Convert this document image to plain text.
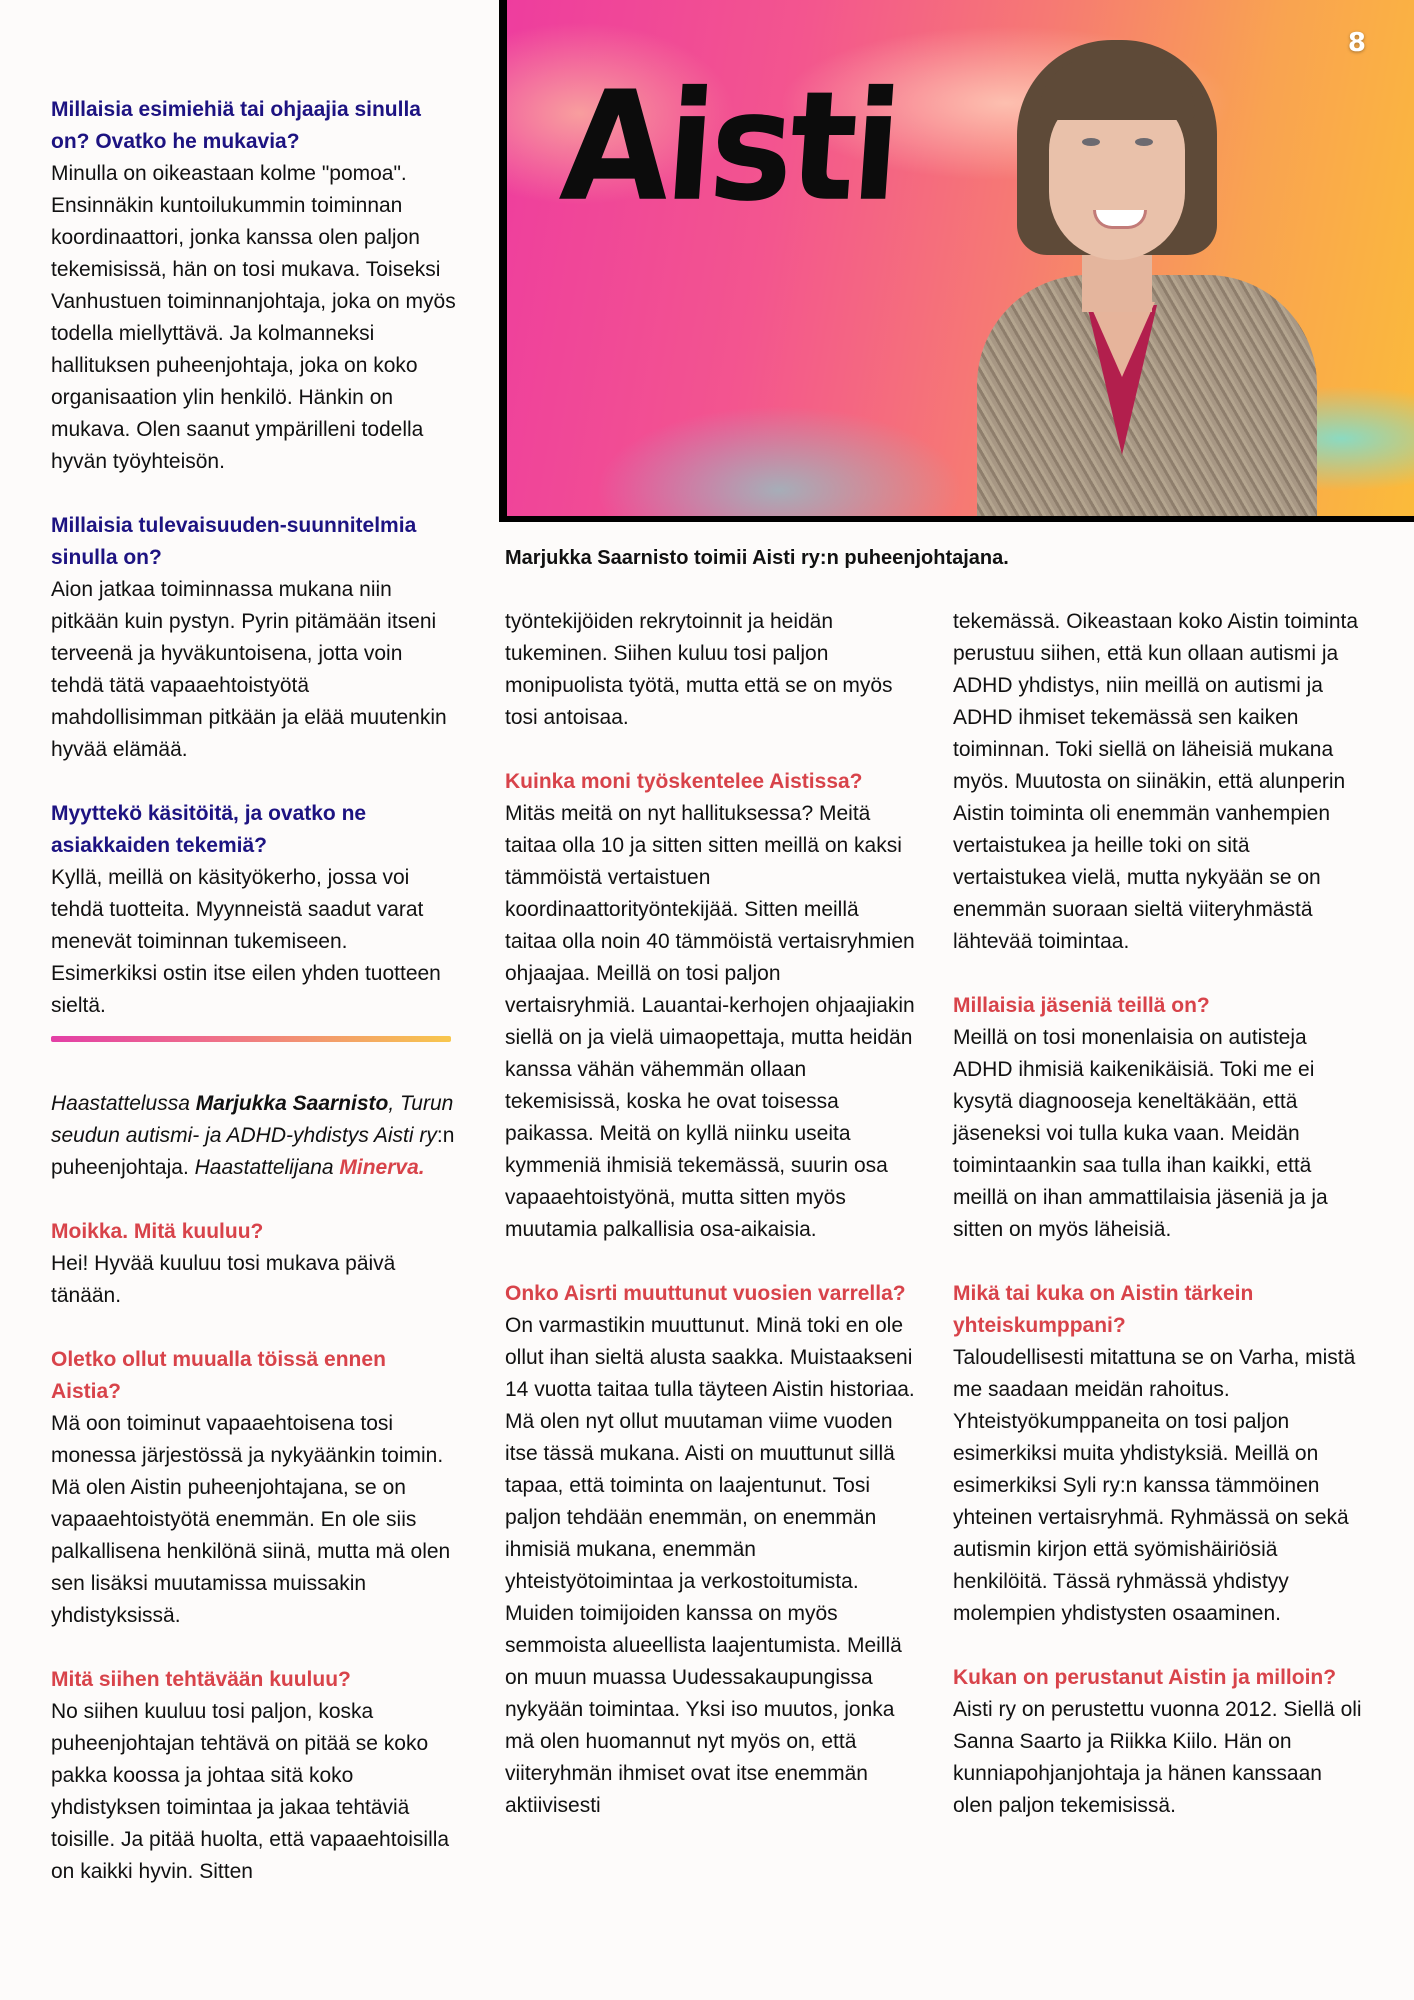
Aisti
8
Marjukka Saarnisto toimii Aisti ry:n puheenjohtajana.

Millaisia esimiehiä tai ohjaajia sinulla on? Ovatko he mukavia?

Minulla on oikeastaan kolme "pomoa". Ensinnäkin kuntoilukummin toiminnan koordinaattori, jonka kanssa olen paljon tekemisissä, hän on tosi mukava. Toiseksi Vanhustuen toiminnanjohtaja, joka on myös todella miellyttävä. Ja kolmanneksi hallituksen puheenjohtaja, joka on koko organisaation ylin henkilö. Hänkin on mukava. Olen saanut ympärilleni todella hyvän työyhteisön.

Millaisia tulevaisuuden-suunnitelmia sinulla on?

Aion jatkaa toiminnassa mukana niin pitkään kuin pystyn. Pyrin pitämään itseni terveenä ja hyväkuntoisena, jotta voin tehdä tätä vapaaehtoistyötä mahdollisimman pitkään ja elää muutenkin hyvää elämää.

Myyttekö käsitöitä, ja ovatko ne asiakkaiden tekemiä?

Kyllä, meillä on käsityökerho, jossa voi tehdä tuotteita. Myynneistä saadut varat menevät toiminnan tukemiseen. Esimerkiksi ostin itse eilen yhden tuotteen sieltä.

Haastattelussa Marjukka Saarnisto, Turun seudun autismi- ja ADHD-yhdistys Aisti ry:n puheenjohtaja. Haastattelijana Minerva.

Moikka. Mitä kuuluu?

Hei! Hyvää kuuluu tosi mukava päivä tänään.

Oletko ollut muualla töissä ennen Aistia?

Mä oon toiminut vapaaehtoisena tosi monessa järjestössä ja nykyäänkin toimin. Mä olen Aistin puheenjohtajana, se on vapaaehtoistyötä enemmän. En ole siis palkallisena henkilönä siinä, mutta mä olen sen lisäksi muutamissa muissakin yhdistyksissä.

Mitä siihen tehtävään kuuluu?

No siihen kuuluu tosi paljon, koska puheenjohtajan tehtävä on pitää se koko pakka koossa ja johtaa sitä koko yhdistyksen toimintaa ja jakaa tehtäviä toisille. Ja pitää huolta, että vapaaehtoisilla on kaikki hyvin. Sitten

työntekijöiden rekrytoinnit ja heidän tukeminen. Siihen kuluu tosi paljon monipuolista työtä, mutta että se on myös tosi antoisaa.

Kuinka moni työskentelee Aistissa?

Mitäs meitä on nyt hallituksessa? Meitä taitaa olla 10 ja sitten sitten meillä on kaksi tämmöistä vertaistuen koordinaattorityöntekijää. Sitten meillä taitaa olla noin 40 tämmöistä vertaisryhmien ohjaajaa. Meillä on tosi paljon vertaisryhmiä. Lauantai-kerhojen ohjaajiakin siellä on ja vielä uimaopettaja, mutta heidän kanssa vähän vähemmän ollaan tekemisissä, koska he ovat toisessa paikassa. Meitä on kyllä niinku useita kymmeniä ihmisiä tekemässä, suurin osa vapaaehtoistyönä, mutta sitten myös muutamia palkallisia osa-aikaisia.

Onko Aisrti muuttunut vuosien varrella?

On varmastikin muuttunut. Minä toki en ole ollut ihan sieltä alusta saakka. Muistaakseni 14 vuotta taitaa tulla täyteen Aistin historiaa. Mä olen nyt ollut muutaman viime vuoden itse tässä mukana. Aisti on muuttunut sillä tapaa, että toiminta on laajentunut. Tosi paljon tehdään enemmän, on enemmän ihmisiä mukana, enemmän yhteistyötoimintaa ja verkostoitumista. Muiden toimijoiden kanssa on myös semmoista alueellista laajentumista. Meillä on muun muassa Uudessakaupungissa nykyään toimintaa. Yksi iso muutos, jonka mä olen huomannut nyt myös on, että viiteryhmän ihmiset ovat itse enemmän aktiivisesti

tekemässä. Oikeastaan koko Aistin toiminta perustuu siihen, että kun ollaan autismi ja ADHD yhdistys, niin meillä on autismi ja ADHD ihmiset tekemässä sen kaiken toiminnan. Toki siellä on läheisiä mukana myös. Muutosta on siinäkin, että alunperin Aistin toiminta oli enemmän vanhempien vertaistukea ja heille toki on sitä vertaistukea vielä, mutta nykyään se on enemmän suoraan sieltä viiteryhmästä lähtevää toimintaa.

Millaisia jäseniä teillä on?

Meillä on tosi monenlaisia on autisteja ADHD ihmisiä kaikenikäisiä. Toki me ei kysytä diagnooseja keneltäkään, että jäseneksi voi tulla kuka vaan. Meidän toimintaankin saa tulla ihan kaikki, että meillä on ihan ammattilaisia jäseniä ja ja sitten on myös läheisiä.

Mikä tai kuka on Aistin tärkein yhteiskumppani?

Taloudellisesti mitattuna se on Varha, mistä me saadaan meidän rahoitus. Yhteistyökumppaneita on tosi paljon esimerkiksi muita yhdistyksiä. Meillä on esimerkiksi Syli ry:n kanssa tämmöinen yhteinen vertaisryhmä. Ryhmässä on sekä autismin kirjon että syömishäiriösiä henkilöitä. Tässä ryhmässä yhdistyy molempien yhdistysten osaaminen.

Kukan on perustanut Aistin ja milloin?

Aisti ry on perustettu vuonna 2012. Siellä oli Sanna Saarto ja Riikka Kiilo. Hän on kunniapohjanjohtaja ja hänen kanssaan olen paljon tekemisissä.
